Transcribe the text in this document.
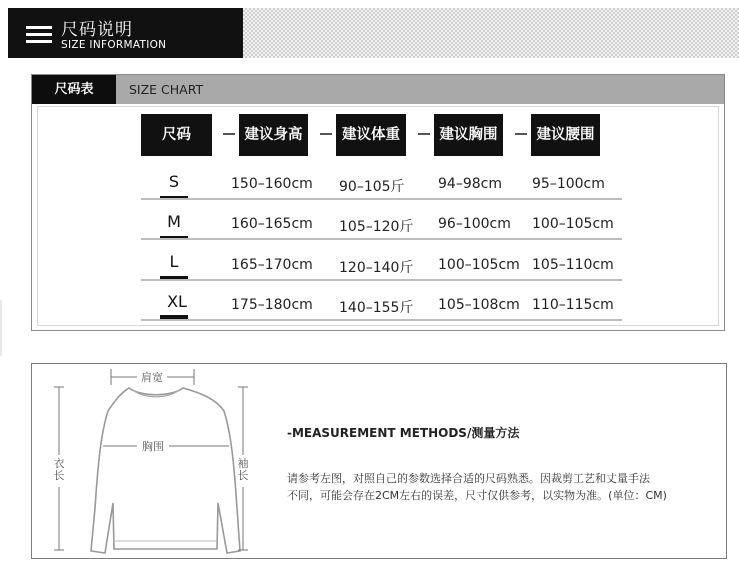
尺码说明
SIZE INFORMATION
尺码表	SIZE CHART
尺码	建议身高	建议体重	建议胸围	建议腰围
S	150–160cm 90–105斤 94–98cm 95–100cm
M	160–165cm 105–120斤 96–100cm 100–105cm
L	165–170cm 120–140斤 100–105cm 105–110cm
XL	175–180cm 140–155斤 105–108cm 110–115cm
肩宽
胸围
衣长
袖长
-MEASUREMENT METHODS/测量方法
请参考左图，对照自己的参数选择合适的尺码熟悉。因裁剪工艺和丈量手法
不同，可能会存在2CM左右的误差，尺寸仅供参考，以实物为准。(单位：CM)
